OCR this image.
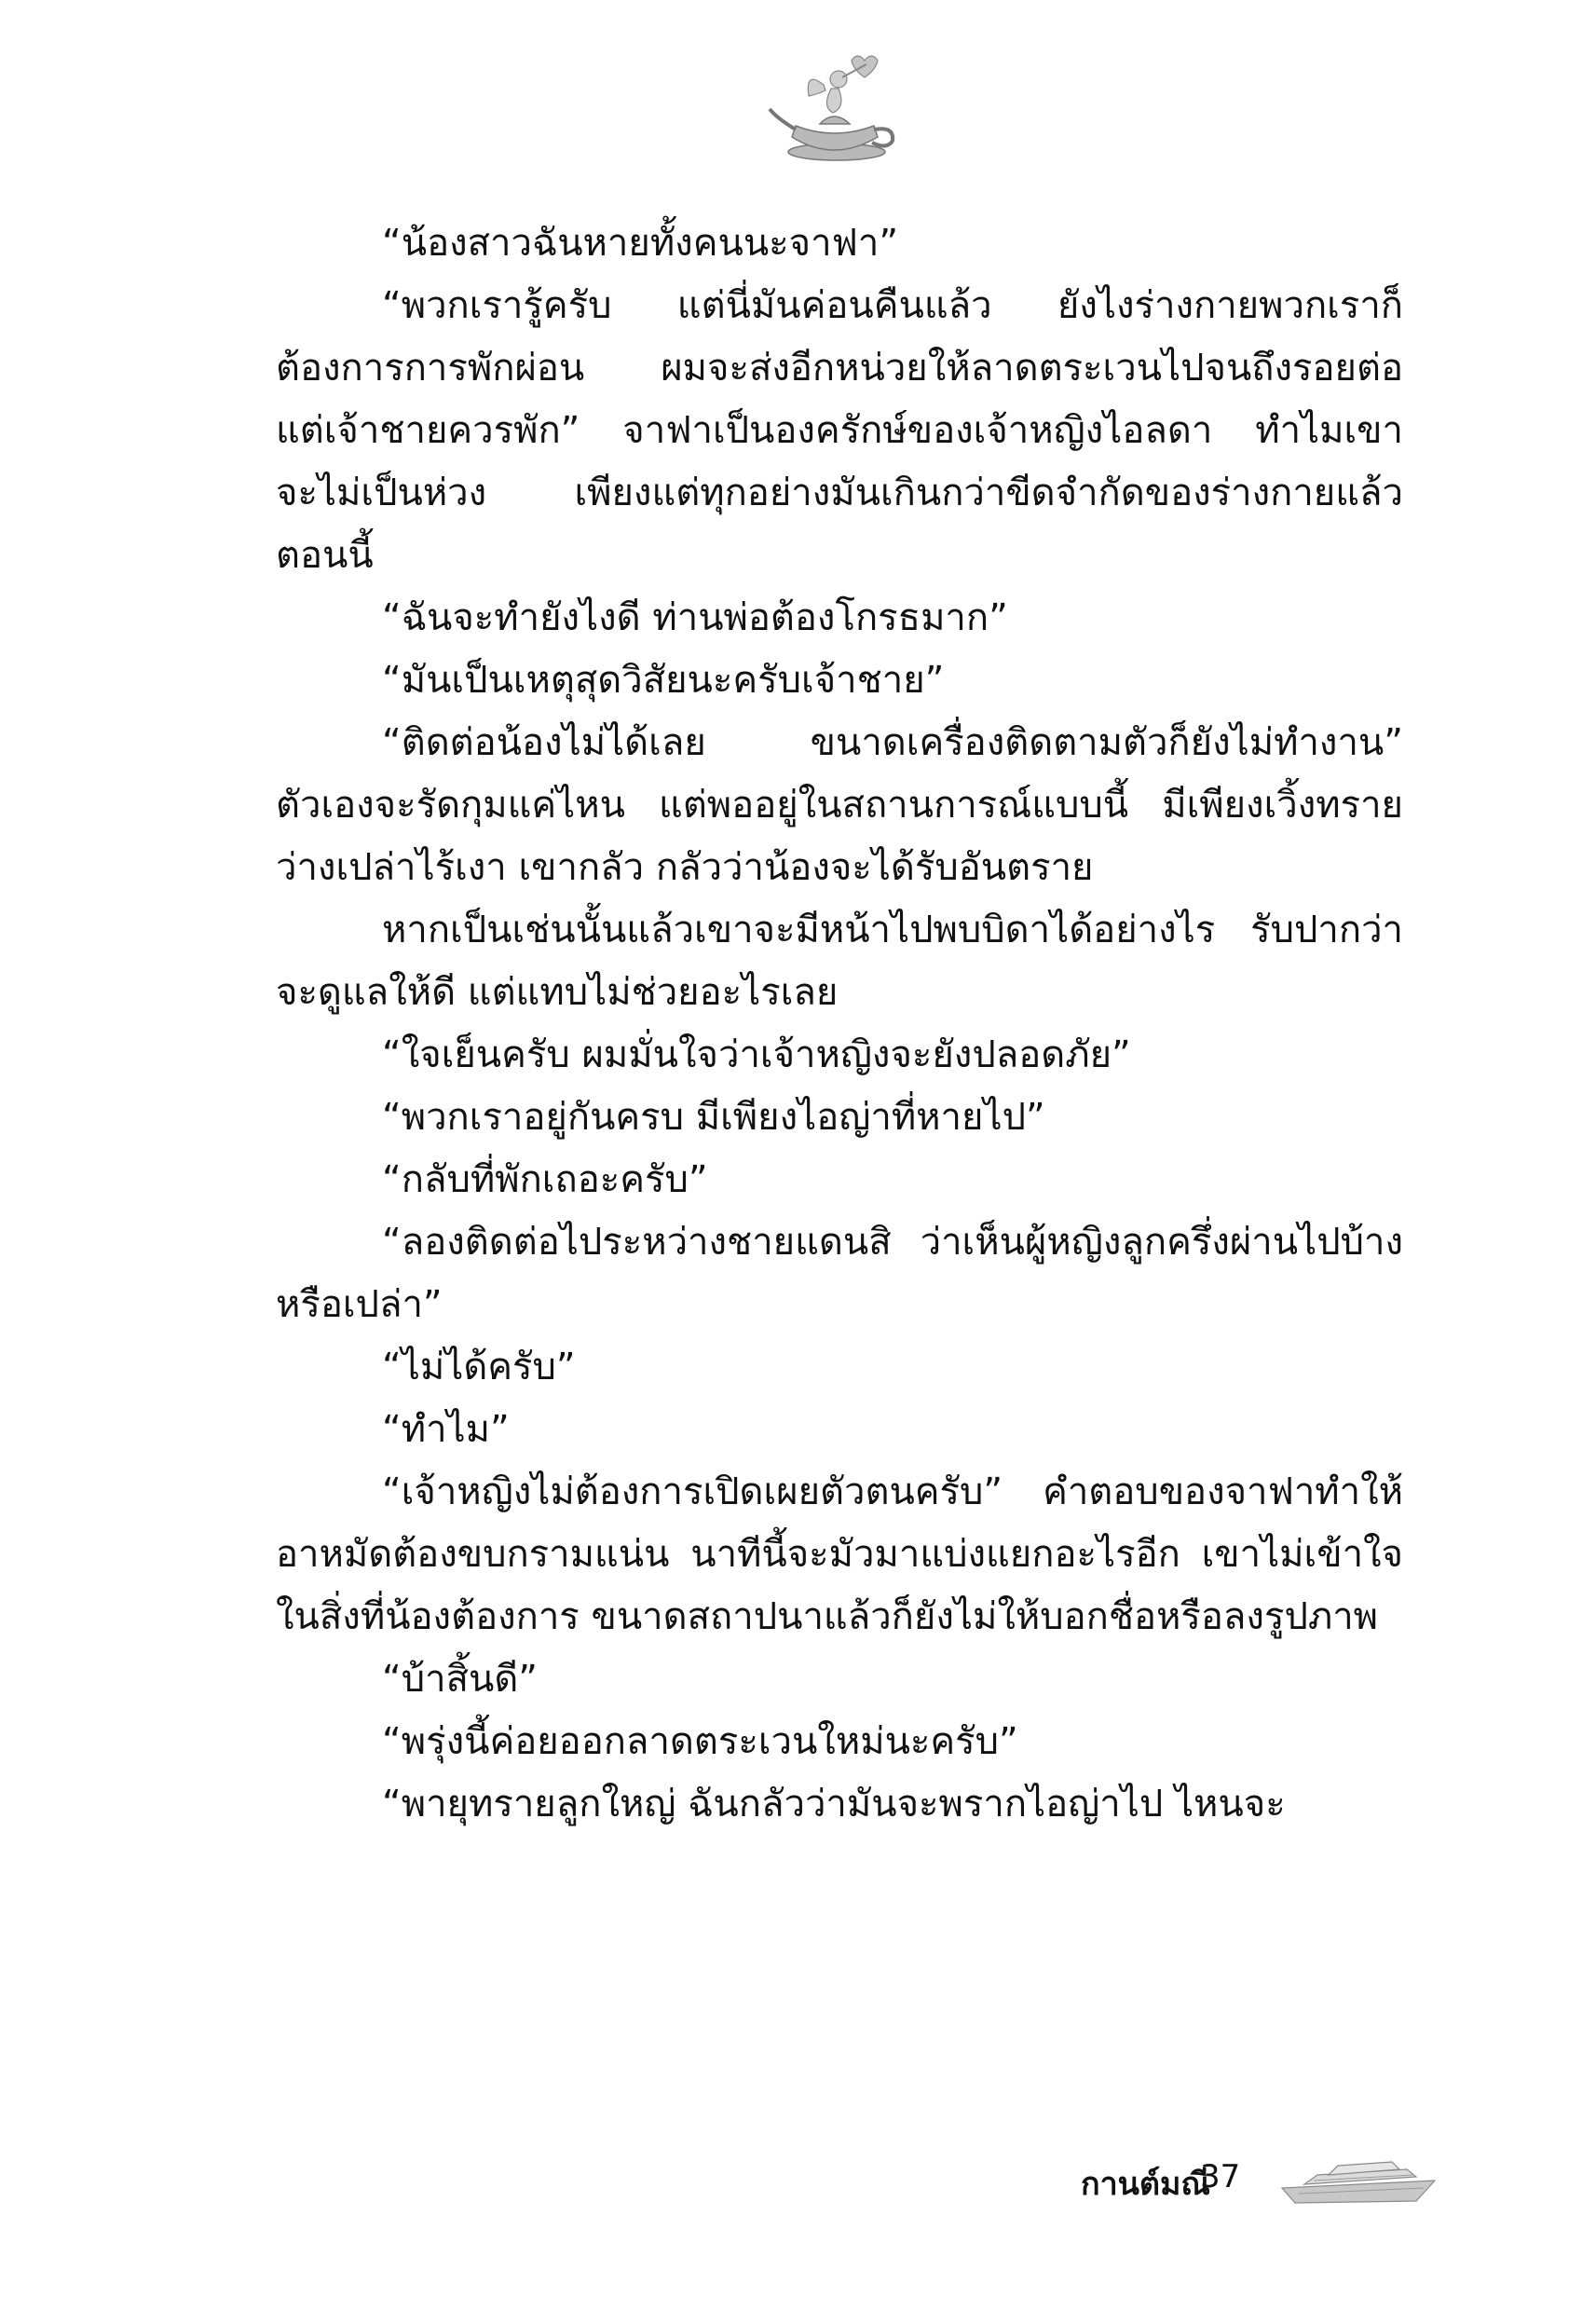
“น้องสาวฉันหายทั้งคนนะจาฟา”
“พวกเรารู้ครับ แต่นี่มันค่อนคืนแล้ว ยังไงร่างกายพวกเราก็
ต้องการการพักผ่อน ผมจะส่งอีกหน่วยให้ลาดตระเวนไปจนถึงรอยต่อ
แต่เจ้าชายควรพัก” จาฟาเป็นองครักษ์ของเจ้าหญิงไอลดา ทำไมเขา
จะไม่เป็นห่วง เพียงแต่ทุกอย่างมันเกินกว่าขีดจำกัดของร่างกายแล้ว
ตอนนี้
“ฉันจะทำยังไงดี ท่านพ่อต้องโกรธมาก”
“มันเป็นเหตุสุดวิสัยนะครับเจ้าชาย”
“ติดต่อน้องไม่ได้เลย ขนาดเครื่องติดตามตัวก็ยังไม่ทำงาน”
ตัวเองจะรัดกุมแค่ไหน แต่พออยู่ในสถานการณ์แบบนี้ มีเพียงเวิ้งทราย
ว่างเปล่าไร้เงา เขากลัว กลัวว่าน้องจะได้รับอันตราย
หากเป็นเช่นนั้นแล้วเขาจะมีหน้าไปพบบิดาได้อย่างไร รับปากว่า
จะดูแลให้ดี แต่แทบไม่ช่วยอะไรเลย
“ใจเย็นครับ ผมมั่นใจว่าเจ้าหญิงจะยังปลอดภัย”
“พวกเราอยู่กันครบ มีเพียงไอญ่าที่หายไป”
“กลับที่พักเถอะครับ”
“ลองติดต่อไประหว่างชายแดนสิ ว่าเห็นผู้หญิงลูกครึ่งผ่านไปบ้าง
หรือเปล่า”
“ไม่ได้ครับ”
“ทำไม”
“เจ้าหญิงไม่ต้องการเปิดเผยตัวตนครับ” คำตอบของจาฟาทำให้
อาหมัดต้องขบกรามแน่น นาทีนี้จะมัวมาแบ่งแยกอะไรอีก เขาไม่เข้าใจ
ในสิ่งที่น้องต้องการ ขนาดสถาปนาแล้วก็ยังไม่ให้บอกชื่อหรือลงรูปภาพ
“บ้าสิ้นดี”
“พรุ่งนี้ค่อยออกลาดตระเวนใหม่นะครับ”
“พายุทรายลูกใหญ่ ฉันกลัวว่ามันจะพรากไอญ่าไป ไหนจะ
กานต์มณี
37
